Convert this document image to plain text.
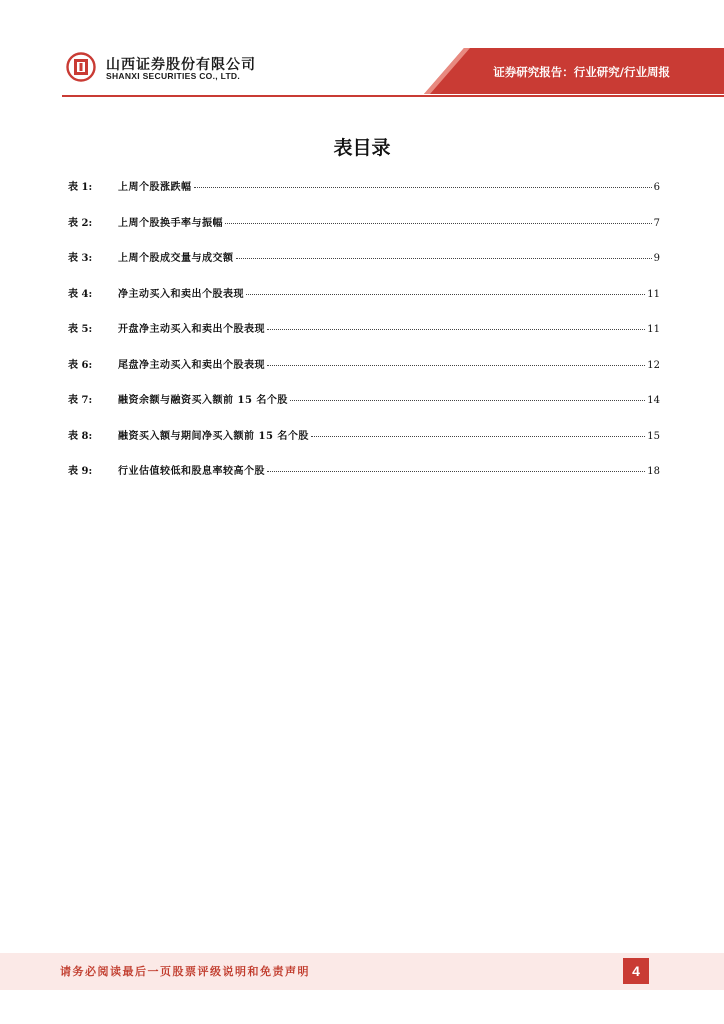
山西证券股份有限公司
SHANXI SECURITIES CO., LTD.	证券研究报告：行业研究/行业周报
表目录
表 1:	上周个股涨跌幅	6
表 2:	上周个股换手率与振幅	7
表 3:	上周个股成交量与成交额	9
表 4:	净主动买入和卖出个股表现	11
表 5:	开盘净主动买入和卖出个股表现	11
表 6:	尾盘净主动买入和卖出个股表现	12
表 7:	融资余额与融资买入额前 15 名个股	14
表 8:	融资买入额与期间净买入额前 15 名个股	15
表 9:	行业估值较低和股息率较高个股	18
请务必阅读最后一页股票评级说明和免责声明	4
